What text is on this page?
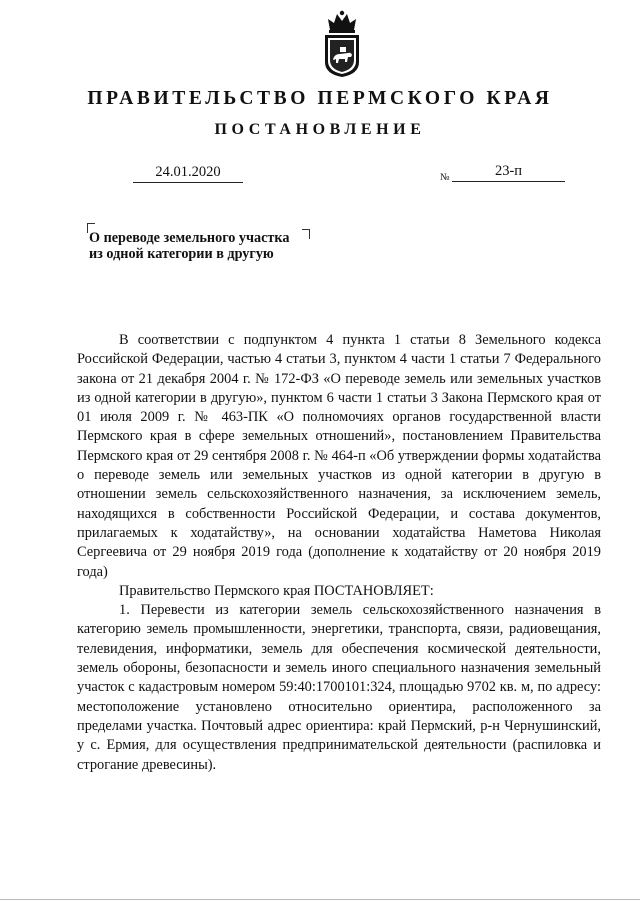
ПРАВИТЕЛЬСТВО ПЕРМСКОГО КРАЯ
ПОСТАНОВЛЕНИЕ
24.01.2020	№	23-п
О переводе земельного участка
из одной категории в другую

В соответствии с подпунктом 4 пункта 1 статьи 8 Земельного кодекса Российской Федерации, частью 4 статьи 3, пунктом 4 части 1 статьи 7 Федерального закона от 21 декабря 2004 г. № 172-ФЗ «О переводе земель или земельных участков из одной категории в другую», пунктом 6 части 1 статьи 3 Закона Пермского края от 01 июля 2009 г. № 463-ПК «О полномочиях органов государственной власти Пермского края в сфере земельных отношений», постановлением Правительства Пермского края от 29 сентября 2008 г. № 464-п «Об утверждении формы ходатайства о переводе земель или земельных участков из одной категории в другую в отношении земель сельскохозяйственного назначения, за исключением земель, находящихся в собственности Российской Федерации, и состава документов, прилагаемых к ходатайству», на основании ходатайства Наметова Николая Сергеевича от 29 ноября 2019 года (дополнение к ходатайству от 20 ноября 2019 года)

Правительство Пермского края ПОСТАНОВЛЯЕТ:

1. Перевести из категории земель сельскохозяйственного назначения в категорию земель промышленности, энергетики, транспорта, связи, радиовещания, телевидения, информатики, земель для обеспечения космической деятельности, земель обороны, безопасности и земель иного специального назначения земельный участок с кадастровым номером 59:40:1700101:324, площадью 9702 кв. м, по адресу: местоположение установлено относительно ориентира, расположенного за пределами участка. Почтовый адрес ориентира: край Пермский, р-н Чернушинский, у с. Ермия, для осуществления предпринимательской деятельности (распиловка и строгание древесины).
